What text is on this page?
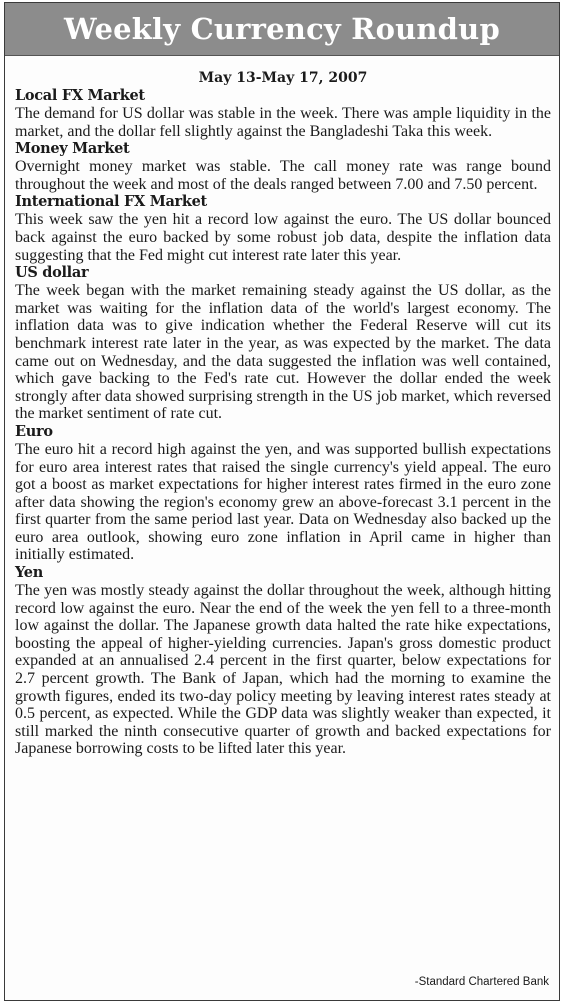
Weekly Currency Roundup
May 13-May 17, 2007
Local FX Market

The demand for US dollar was stable in the week. There was ample liquidity in the market, and the dollar fell slightly against the Bangladeshi Taka this week.

Money Market

Overnight money market was stable. The call money rate was range bound throughout the week and most of the deals ranged between 7.00 and 7.50 percent.

International FX Market

This week saw the yen hit a record low against the euro. The US dollar bounced back against the euro backed by some robust job data, despite the inflation data suggesting that the Fed might cut interest rate later this year.

US dollar

The week began with the market remaining steady against the US dollar, as the market was waiting for the inflation data of the world's largest economy. The inflation data was to give indication whether the Federal Reserve will cut its benchmark interest rate later in the year, as was expected by the market. The data came out on Wednesday, and the data suggested the inflation was well contained, which gave backing to the Fed's rate cut. However the dollar ended the week strongly after data showed surprising strength in the US job market, which reversed the market sentiment of rate cut.

Euro

The euro hit a record high against the yen, and was supported bullish expectations for euro area interest rates that raised the single currency's yield appeal. The euro got a boost as market expectations for higher interest rates firmed in the euro zone after data showing the region's economy grew an above-forecast 3.1 percent in the first quarter from the same period last year. Data on Wednesday also backed up the euro area outlook, showing euro zone inflation in April came in higher than initially estimated.

Yen

The yen was mostly steady against the dollar throughout the week, although hitting record low against the euro. Near the end of the week the yen fell to a three-month low against the dollar. The Japanese growth data halted the rate hike expectations, boosting the appeal of higher-yielding currencies. Japan's gross domestic product expanded at an annualised 2.4 percent in the first quarter, below expectations for 2.7 percent growth. The Bank of Japan, which had the morning to examine the growth figures, ended its two-day policy meeting by leaving interest rates steady at 0.5 percent, as expected. While the GDP data was slightly weaker than expected, it still marked the ninth consecutive quarter of growth and backed expectations for Japanese borrowing costs to be lifted later this year.

-Standard Chartered Bank
